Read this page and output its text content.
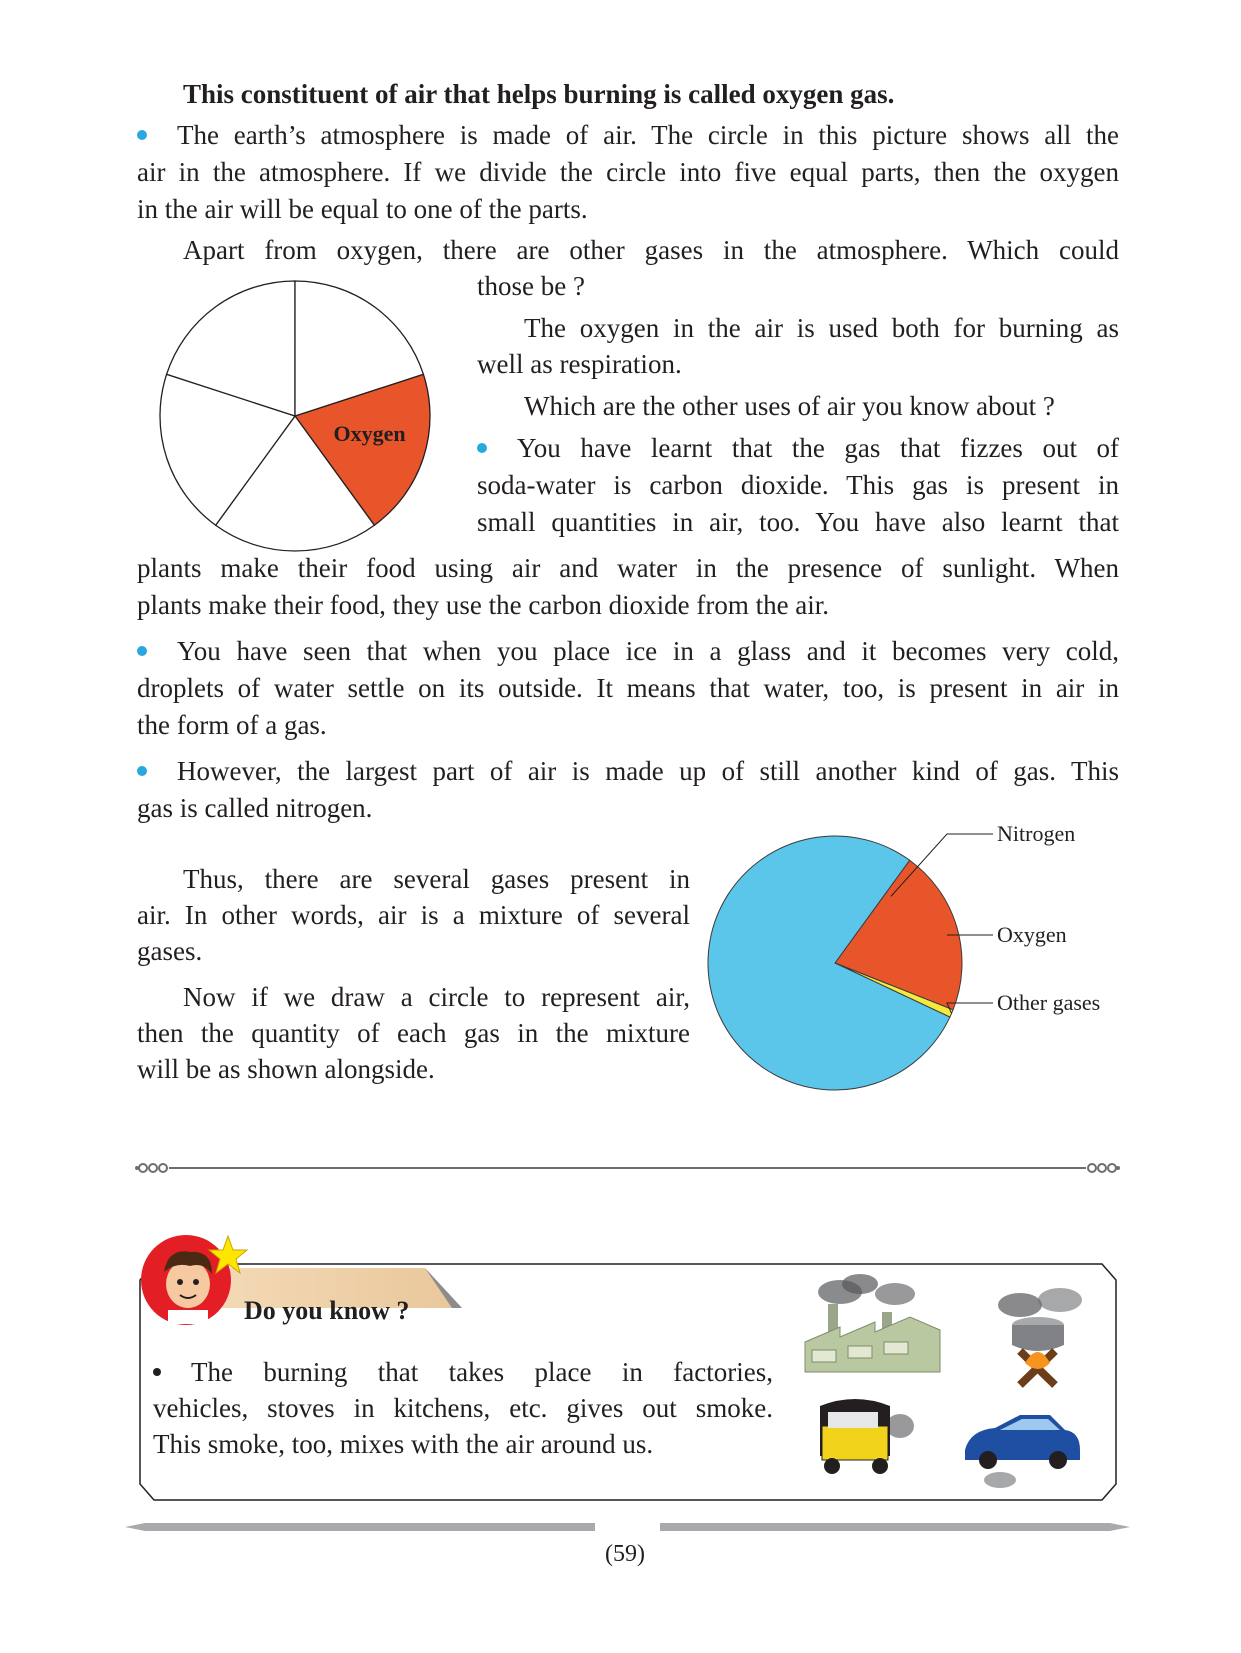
This constituent of air that helps burning is called oxygen gas.

The earth’s atmosphere is made of air. The circle in this picture shows all the

air in the atmosphere. If we divide the circle into five equal parts, then the oxygen

in the air will be equal to one of the parts.

Apart from oxygen, there are other gases in the atmosphere. Which could

those be ?

Oxygen

The oxygen in the air is used both for burning as

well as respiration.

Which are the other uses of air you know about ?

You have learnt that the gas that fizzes out of

soda-water is carbon dioxide. This gas is present in

small quantities in air, too. You have also learnt that

plants make their food using air and water in the presence of sunlight. When

plants make their food, they use the carbon dioxide from the air.

You have seen that when you place ice in a glass and it becomes very cold,

droplets of water settle on its outside. It means that water, too, is present in air in

the form of a gas.

However, the largest part of air is made up of still another kind of gas. This

gas is called nitrogen.

Thus, there are several gases present in

air. In other words, air is a mixture of several

gases.

Now if we draw a circle to represent air,

then the quantity of each gas in the mixture

will be as shown alongside.

Nitrogen
Oxygen
Other gases

Do you know ?

The burning that takes place in factories,

vehicles, stoves in kitchens, etc. gives out smoke.

This smoke, too, mixes with the air around us.

(59)
